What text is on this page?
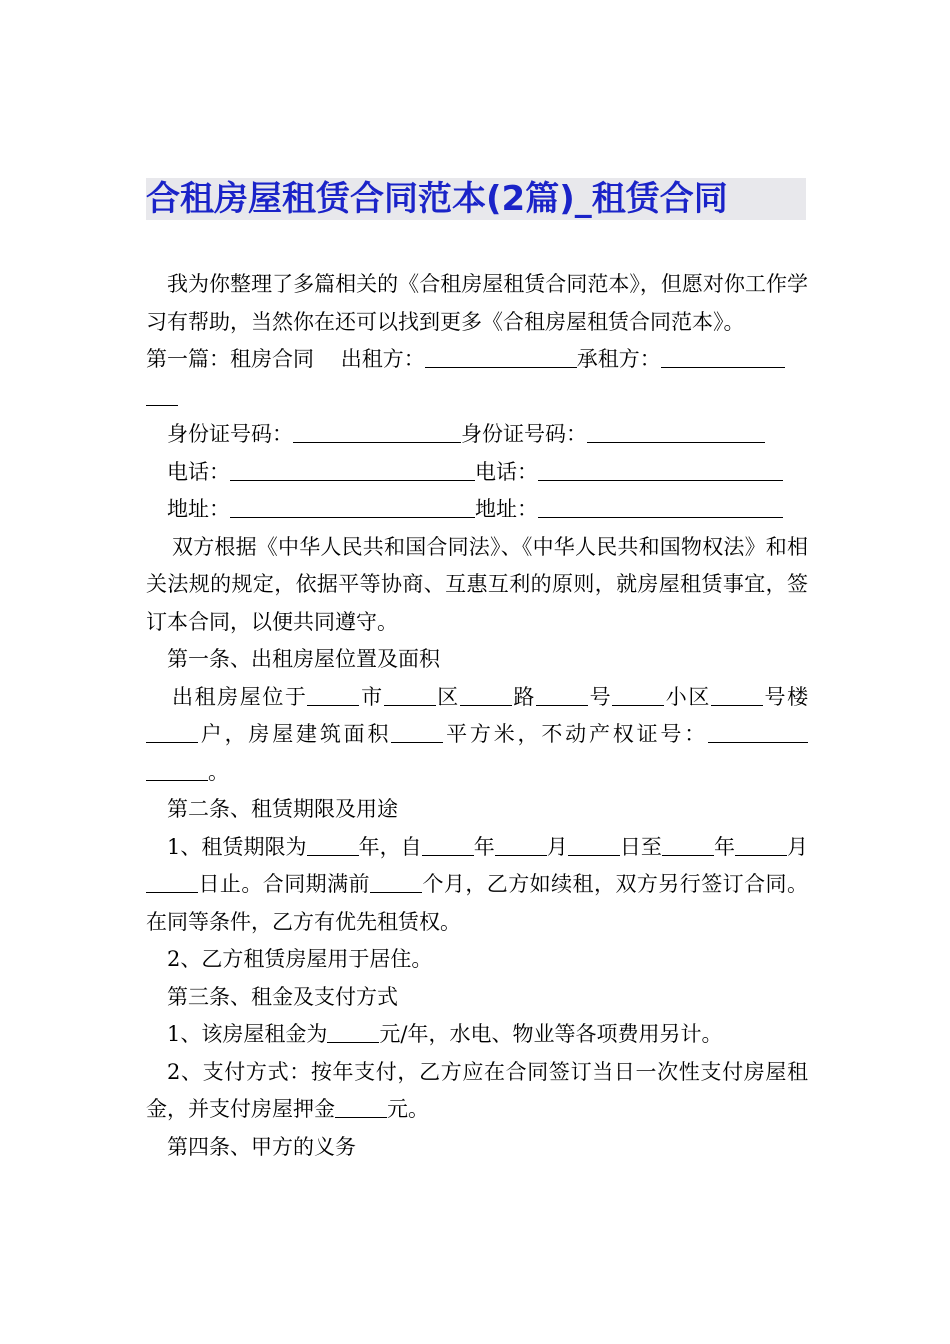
合租房屋租赁合同范本(2篇)_租赁合同

我为你整理了多篇相关的《合租房屋租赁合同范本》，但愿对你工作学习有帮助，当然你在还可以找到更多《合租房屋租赁合同范本》。

第一篇：租房合同 出租方：	承租方：

身份证号码：	身份证号码：

电话：	电话：

地址：	地址：

双方根据《中华人民共和国合同法》、《中华人民共和国物权法》和相关法规的规定，依据平等协商、互惠互利的原则，就房屋租赁事宜，签订本合同，以便共同遵守。

第一条、出租房屋位置及面积

出租房屋位于 市 区 路 号 小区 号楼户，房屋建筑面积 平方米，不动产权证号：。

第二条、租赁期限及用途

1、租赁期限为 年，自 年 月 日至 年 月日止。合同期满前 个月，乙方如续租，双方另行签订合同。在同等条件，乙方有优先租赁权。

2、乙方租赁房屋用于居住。

第三条、租金及支付方式

1、该房屋租金为 元/年，水电、物业等各项费用另计。

2、支付方式：按年支付，乙方应在合同签订当日一次性支付房屋租金，并支付房屋押金 元。

第四条、甲方的义务
